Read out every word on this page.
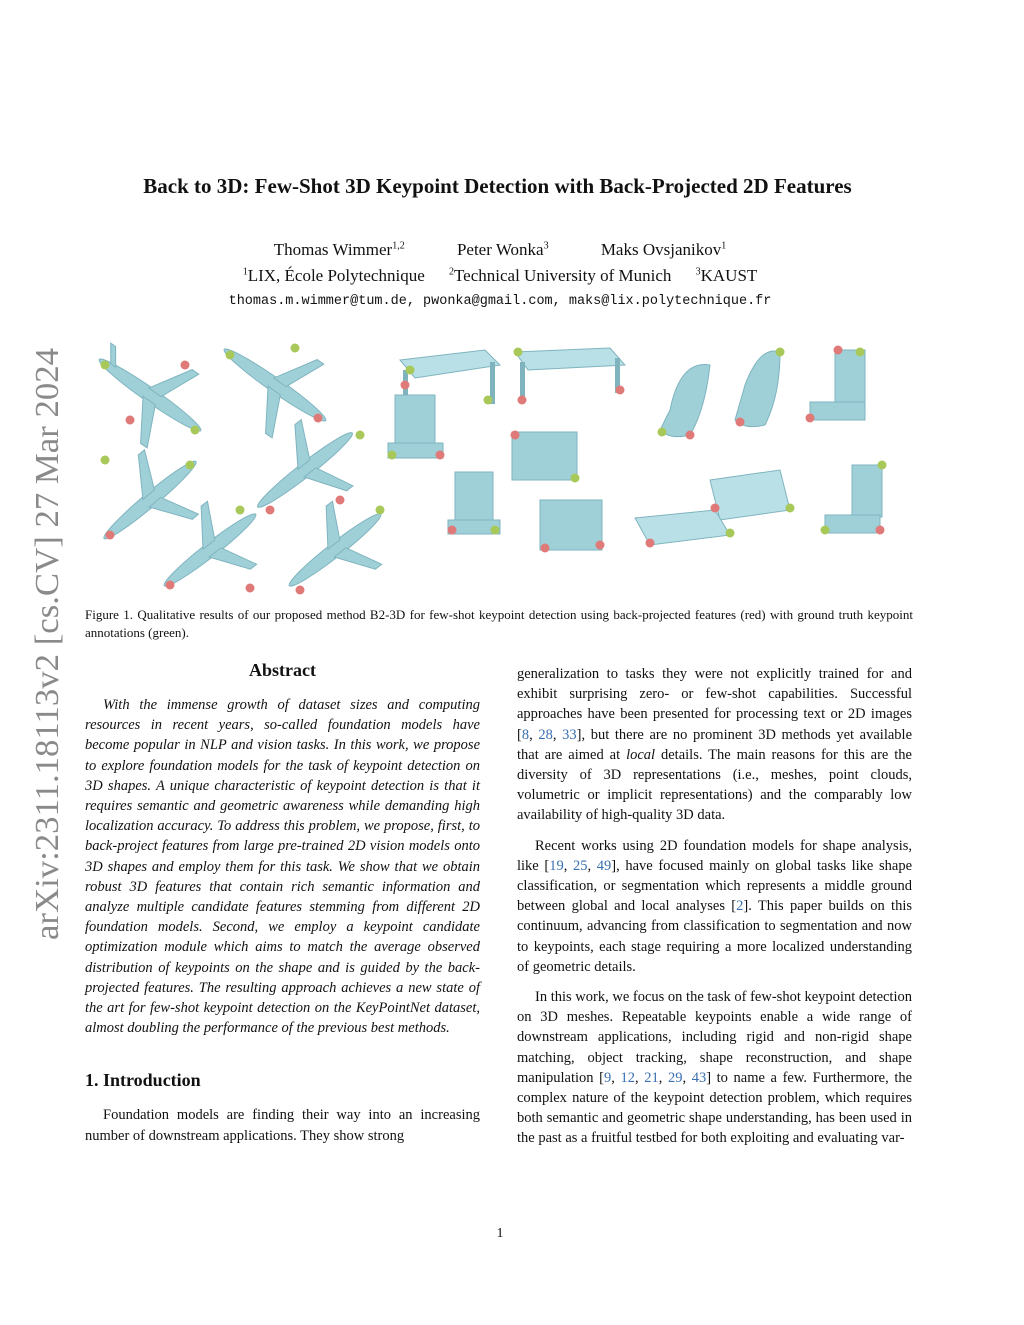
arXiv:2311.18113v2 [cs.CV] 27 Mar 2024
Back to 3D: Few-Shot 3D Keypoint Detection with Back-Projected 2D Features
Thomas Wimmer$^{1,2}$	Peter Wonka$^3$	Maks Ovsjanikov$^1$
$^1$LIX, École Polytechnique $^2$Technical University of Munich $^3$KAUST
thomas.m.wimmer@tum.de, pwonka@gmail.com, maks@lix.polytechnique.fr
Figure 1. Qualitative results of our proposed method B2-3D for few-shot keypoint detection using back-projected features (red) with ground truth keypoint annotations (green).
Abstract

With the immense growth of dataset sizes and computing resources in recent years, so-called foundation models have become popular in NLP and vision tasks. In this work, we propose to explore foundation models for the task of keypoint detection on 3D shapes. A unique characteristic of keypoint detection is that it requires semantic and geometric awareness while demanding high localization accuracy. To address this problem, we propose, first, to back-project features from large pre-trained 2D vision models onto 3D shapes and employ them for this task. We show that we obtain robust 3D features that contain rich semantic information and analyze multiple candidate features stemming from different 2D foundation models. Second, we employ a keypoint candidate optimization module which aims to match the average observed distribution of keypoints on the shape and is guided by the back-projected features. The resulting approach achieves a new state of the art for few-shot keypoint detection on the KeyPointNet dataset, almost doubling the performance of the previous best methods.

1. Introduction

Foundation models are finding their way into an increasing number of downstream applications. They show strong

generalization to tasks they were not explicitly trained for and exhibit surprising zero- or few-shot capabilities. Successful approaches have been presented for processing text or 2D images [8, 28, 33], but there are no prominent 3D methods yet available that are aimed at local details. The main reasons for this are the diversity of 3D representations (i.e., meshes, point clouds, volumetric or implicit representations) and the comparably low availability of high-quality 3D data.

Recent works using 2D foundation models for shape analysis, like [19, 25, 49], have focused mainly on global tasks like shape classification, or segmentation which represents a middle ground between global and local analyses [2]. This paper builds on this continuum, advancing from classification to segmentation and now to keypoints, each stage requiring a more localized understanding of geometric details.

In this work, we focus on the task of few-shot keypoint detection on 3D meshes. Repeatable keypoints enable a wide range of downstream applications, including rigid and non-rigid shape matching, object tracking, shape reconstruction, and shape manipulation [9, 12, 21, 29, 43] to name a few. Furthermore, the complex nature of the keypoint detection problem, which requires both semantic and geometric shape understanding, has been used in the past as a fruitful testbed for both exploiting and evaluating var-

1
